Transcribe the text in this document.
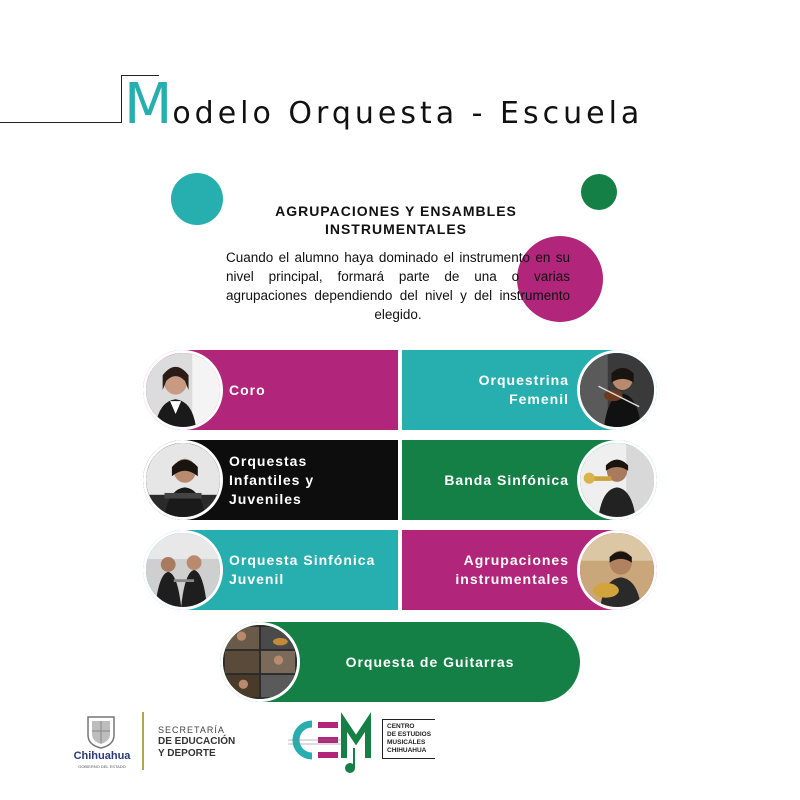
Modelo Orquesta - Escuela
AGRUPACIONES Y ENSAMBLES
INSTRUMENTALES
Cuando el alumno haya dominado el instrumento en su nivel principal, formará parte de una o varias agrupaciones dependiendo del nivel y del instrumento elegido.
Coro
Orquestrina
Femenil
Orquestas
Infantiles y
Juveniles
Banda Sinfónica
Orquesta Sinfónica
Juvenil
Agrupaciones
instrumentales
Orquesta de Guitarras
Chihuahua
GOBIERNO DEL ESTADO
SECRETARÍA
DE EDUCACIÓN
Y DEPORTE
CENTRO
DE ESTUDIOS
MUSICALES
CHIHUAHUA
